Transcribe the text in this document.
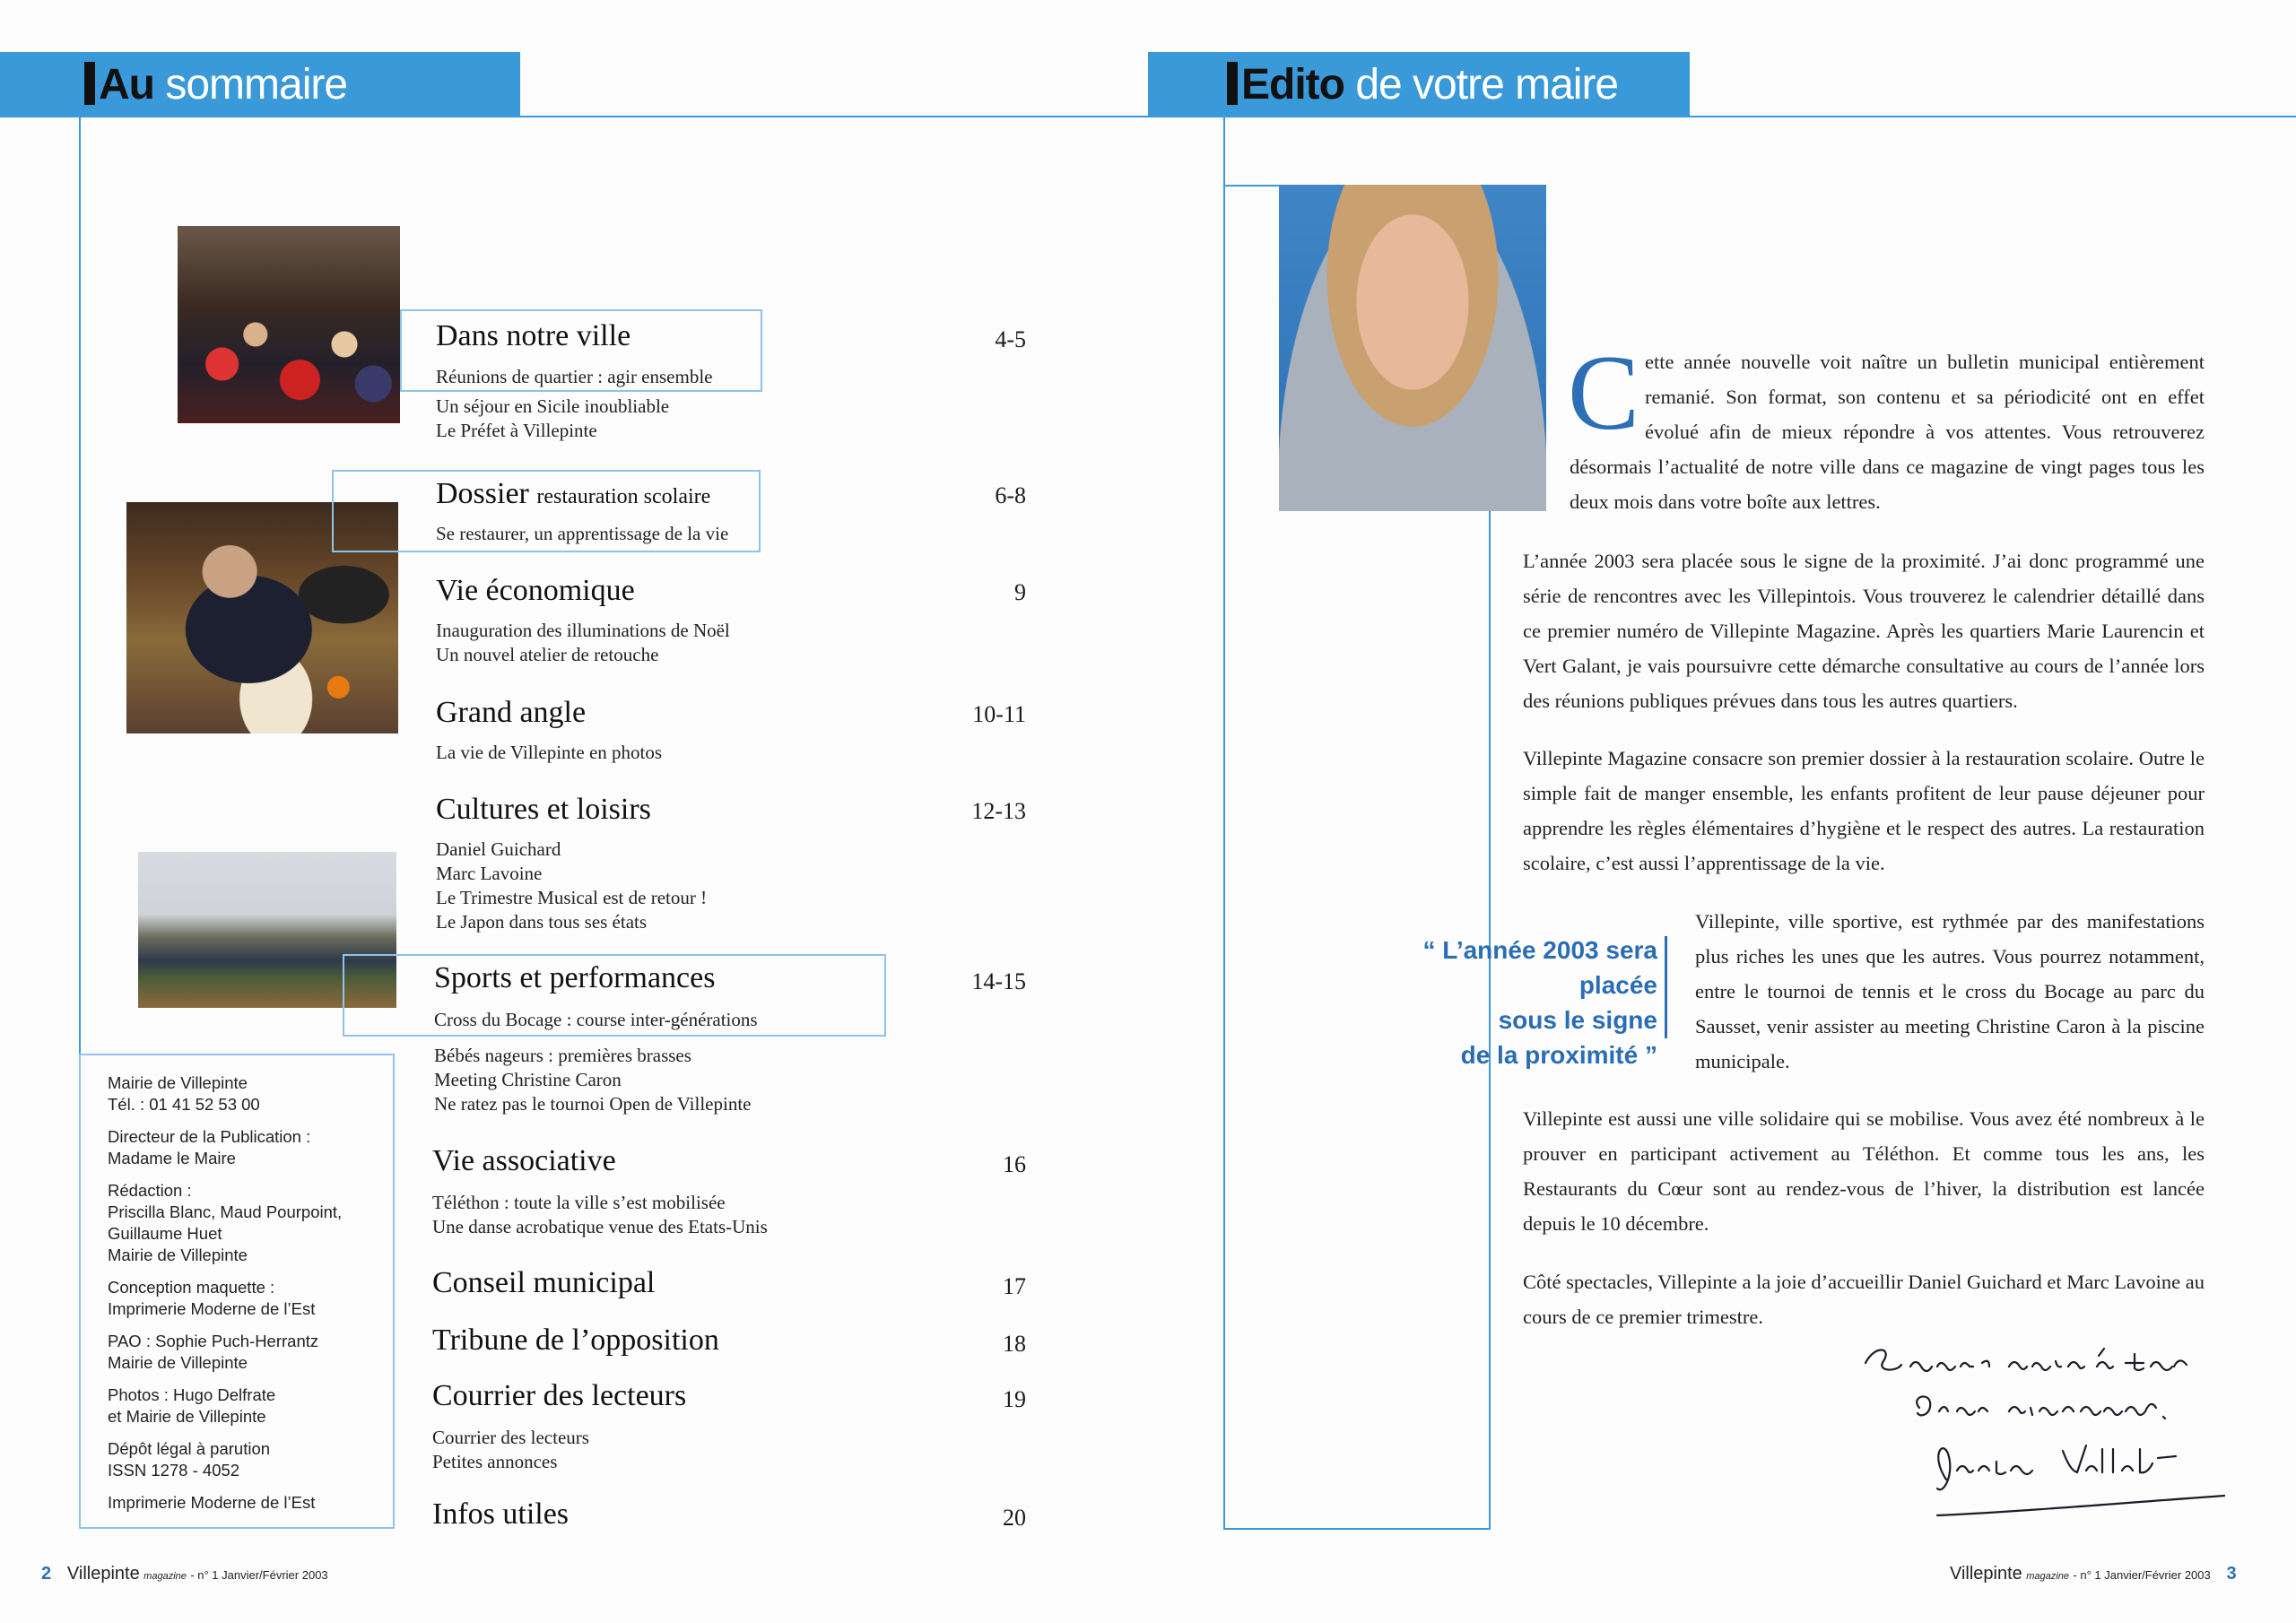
Au sommaire
Dans notre ville	4-5
Réunions de quartier : agir ensemble
Un séjour en Sicile inoubliable
Le Préfet à Villepinte
Dossier restauration scolaire	6-8
Se restaurer, un apprentissage de la vie
Vie économique	9
Inauguration des illuminations de Noël
Un nouvel atelier de retouche
Grand angle	10-11
La vie de Villepinte en photos
Cultures et loisirs	12-13
Daniel Guichard
Marc Lavoine
Le Trimestre Musical est de retour !
Le Japon dans tous ses états
Sports et performances	14-15
Cross du Bocage : course inter-générations
Bébés nageurs : premières brasses
Meeting Christine Caron
Ne ratez pas le tournoi Open de Villepinte
Vie associative	16
Téléthon : toute la ville s’est mobilisée
Une danse acrobatique venue des Etats-Unis
Conseil municipal	17
Tribune de l’opposition	18
Courrier des lecteurs	19
Courrier des lecteurs
Petites annonces
Infos utiles	20
Mairie de Villepinte
Tél. : 01 41 52 53 00
Directeur de la Publication :
Madame le Maire
Rédaction :
Priscilla Blanc, Maud Pourpoint,
Guillaume Huet
Mairie de Villepinte
Conception maquette :
Imprimerie Moderne de l’Est
PAO : Sophie Puch-Herrantz
Mairie de Villepinte
Photos : Hugo Delfrate
et Mairie de Villepinte
Dépôt légal à parution
ISSN 1278 - 4052
Imprimerie Moderne de l’Est
2 Villepinte magazine - n° 1 Janvier/Février 2003
Edito de votre maire
Cette année nouvelle voit naître un bulletin municipal entièrement remanié. Son format, son contenu et sa périodicité ont en effet évolué afin de mieux répondre à vos attentes. Vous retrouverez désormais l’actualité de notre ville dans ce magazine de vingt pages tous les deux mois dans votre boîte aux lettres.
L’année 2003 sera placée sous le signe de la proximité. J’ai donc programmé une série de rencontres avec les Villepintois. Vous trouverez le calendrier détaillé dans ce premier numéro de Villepinte Magazine. Après les quartiers Marie Laurencin et Vert Galant, je vais poursuivre cette démarche consultative au cours de l’année lors des réunions publiques prévues dans tous les autres quartiers.
Villepinte Magazine consacre son premier dossier à la restauration scolaire. Outre le simple fait de manger ensemble, les enfants profitent de leur pause déjeuner pour apprendre les règles élémentaires d’hygiène et le respect des autres. La restauration scolaire, c’est aussi l’apprentissage de la vie.
Villepinte, ville sportive, est rythmée par des manifestations plus riches les unes que les autres. Vous pourrez notamment, entre le tournoi de tennis et le cross du Bocage au parc du Sausset, venir assister au meeting Christine Caron à la piscine municipale.
Villepinte est aussi une ville solidaire qui se mobilise. Vous avez été nombreux à le prouver en participant activement au Téléthon. Et comme tous les ans, les Restaurants du Cœur sont au rendez-vous de l’hiver, la distribution est lancée depuis le 10 décembre.
Côté spectacles, Villepinte a la joie d’accueillir Daniel Guichard et Marc Lavoine au cours de ce premier trimestre.
“ L’année 2003 sera placée
sous le signe
de la proximité ”
Villepinte magazine - n° 1 Janvier/Février 2003 3
